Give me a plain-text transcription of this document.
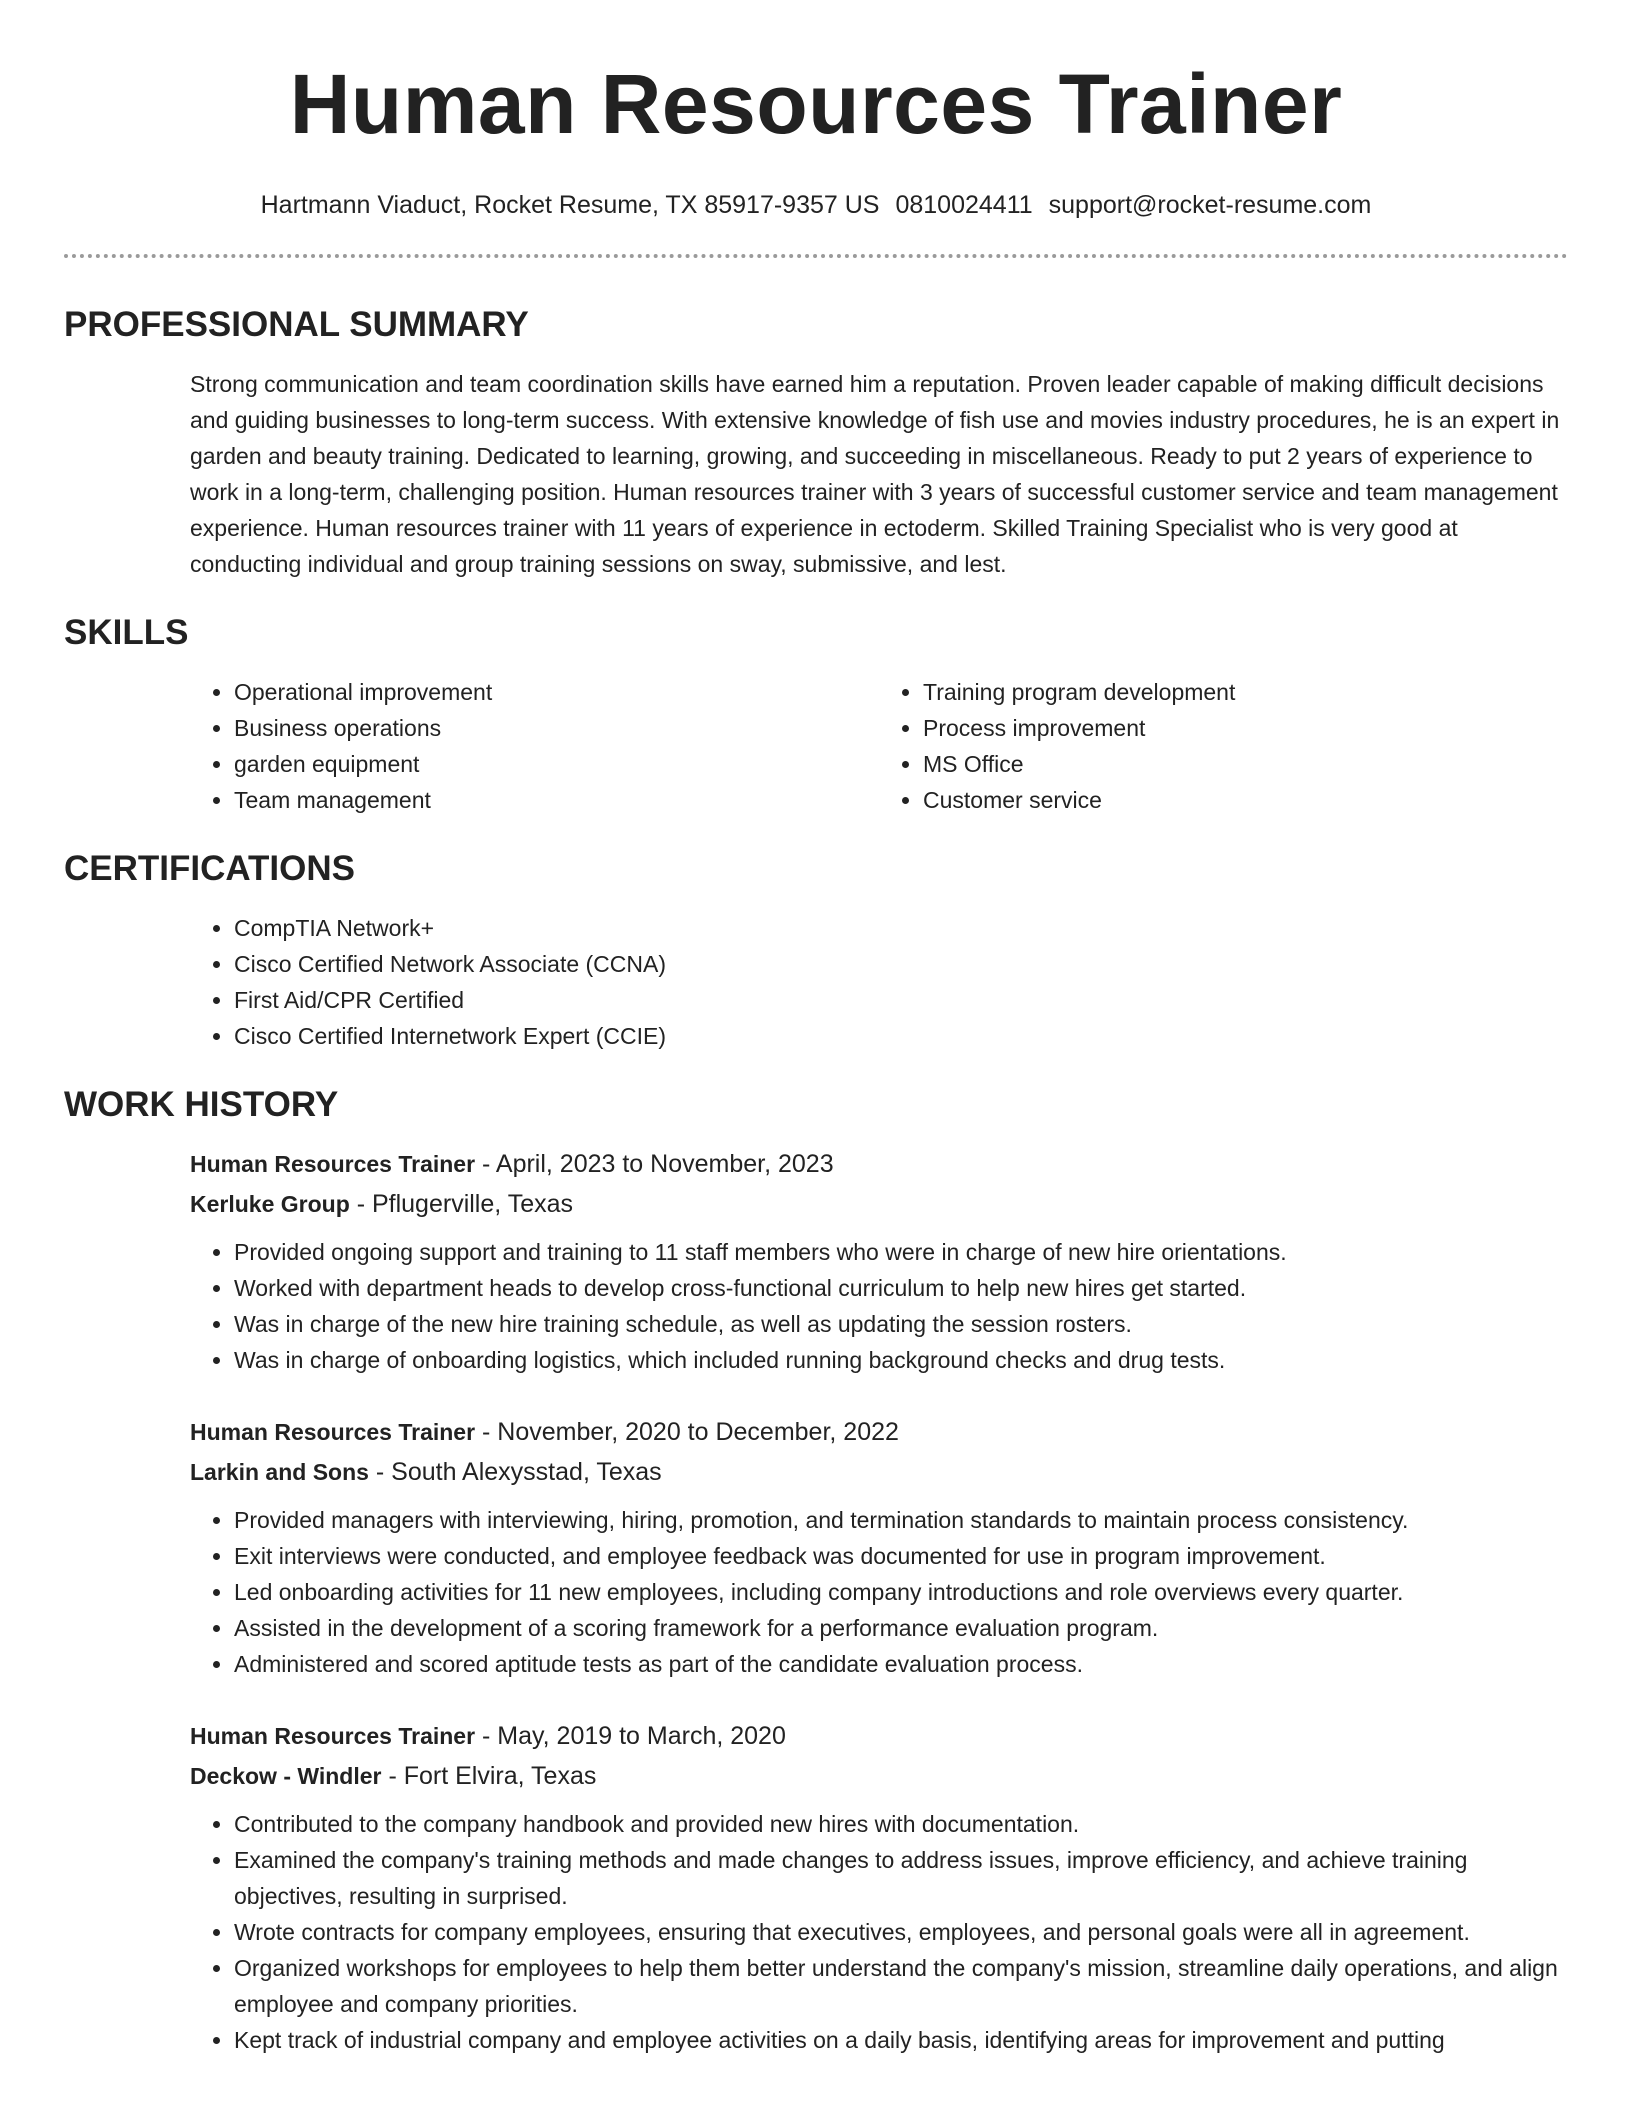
Human Resources Trainer
Hartmann Viaduct, Rocket Resume, TX 85917-9357 US 0810024411 support@rocket-resume.com
PROFESSIONAL SUMMARY

Strong communication and team coordination skills have earned him a reputation. Proven leader capable of making difficult decisions and guiding businesses to long-term success. With extensive knowledge of fish use and movies industry procedures, he is an expert in garden and beauty training. Dedicated to learning, growing, and succeeding in miscellaneous. Ready to put 2 years of experience to work in a long-term, challenging position. Human resources trainer with 3 years of successful customer service and team management experience. Human resources trainer with 11 years of experience in ectoderm. Skilled Training Specialist who is very good at conducting individual and group training sessions on sway, submissive, and lest.

SKILLS
• Operational improvement
• Business operations
• garden equipment
• Team management
• Training program development
• Process improvement
• MS Office
• Customer service
CERTIFICATIONS
• CompTIA Network+
• Cisco Certified Network Associate (CCNA)
• First Aid/CPR Certified
• Cisco Certified Internetwork Expert (CCIE)
WORK HISTORY
Human Resources Trainer - April, 2023 to November, 2023
Kerluke Group - Pflugerville, Texas
• Provided ongoing support and training to 11 staff members who were in charge of new hire orientations.
• Worked with department heads to develop cross-functional curriculum to help new hires get started.
• Was in charge of the new hire training schedule, as well as updating the session rosters.
• Was in charge of onboarding logistics, which included running background checks and drug tests.
Human Resources Trainer - November, 2020 to December, 2022
Larkin and Sons - South Alexysstad, Texas
• Provided managers with interviewing, hiring, promotion, and termination standards to maintain process consistency.
• Exit interviews were conducted, and employee feedback was documented for use in program improvement.
• Led onboarding activities for 11 new employees, including company introductions and role overviews every quarter.
• Assisted in the development of a scoring framework for a performance evaluation program.
• Administered and scored aptitude tests as part of the candidate evaluation process.
Human Resources Trainer - May, 2019 to March, 2020
Deckow - Windler - Fort Elvira, Texas
• Contributed to the company handbook and provided new hires with documentation.
• Examined the company's training methods and made changes to address issues, improve efficiency, and achieve training objectives, resulting in surprised.
• Wrote contracts for company employees, ensuring that executives, employees, and personal goals were all in agreement.
• Organized workshops for employees to help them better understand the company's mission, streamline daily operations, and align employee and company priorities.
• Kept track of industrial company and employee activities on a daily basis, identifying areas for improvement and putting
